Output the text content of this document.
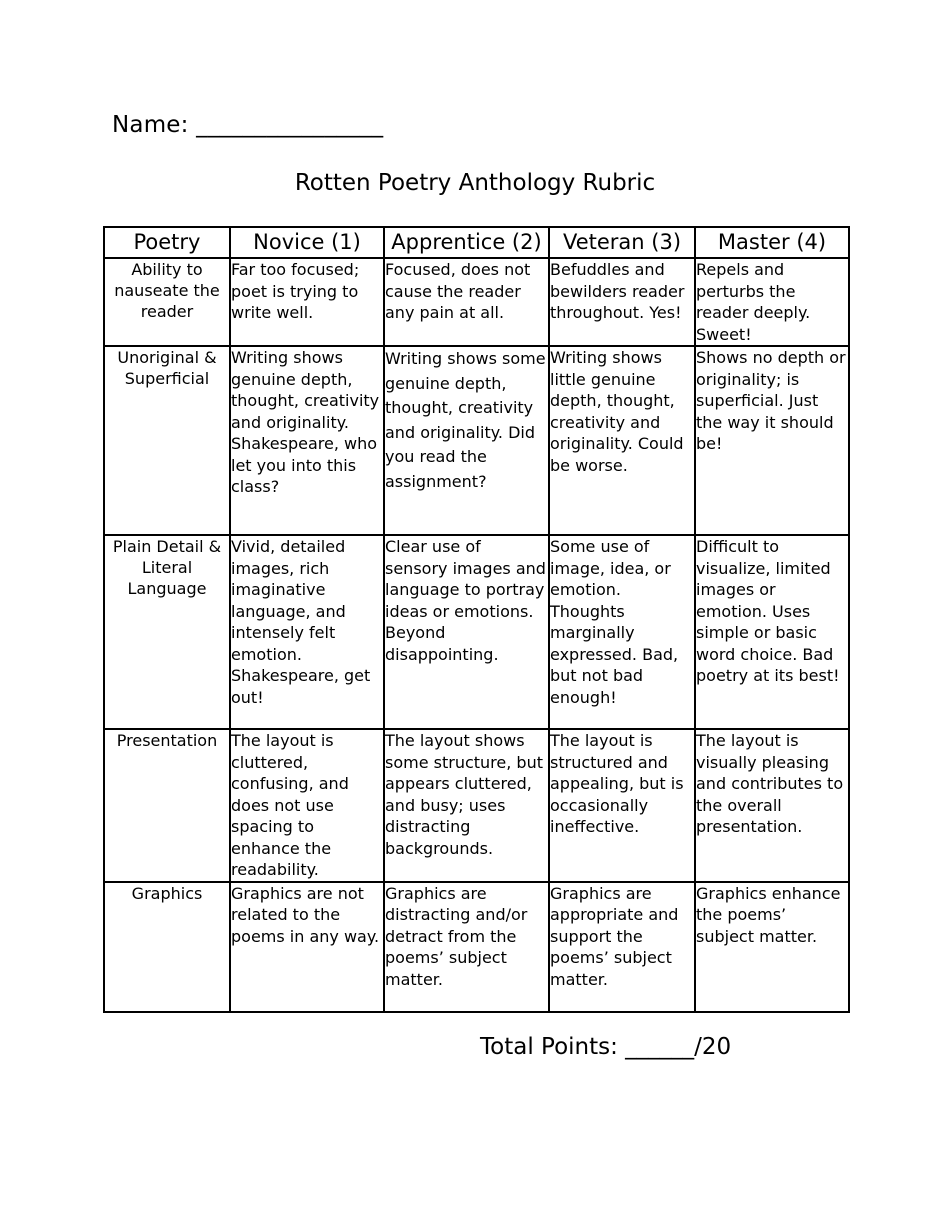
Name: ________________
Rotten Poetry Anthology Rubric
Poetry	Novice (1)	Apprentice (2)	Veteran (3)	Master (4)
Ability to nauseate the reader	Far too focused; poet is trying to write well.	Focused, does not cause the reader any pain at all.	Befuddles and bewilders reader throughout. Yes!	Repels and perturbs the reader deeply. Sweet!
Unoriginal & Superficial	Writing shows genuine depth, thought, creativity and originality. Shakespeare, who let you into this class?	Writing shows some genuine depth, thought, creativity and originality. Did you read the assignment?	Writing shows little genuine depth, thought, creativity and originality. Could be worse.	Shows no depth or originality; is superficial. Just the way it should be!
Plain Detail & Literal Language	Vivid, detailed images, rich imaginative language, and intensely felt emotion. Shakespeare, get out!	Clear use of sensory images and language to portray ideas or emotions. Beyond disappointing.	Some use of image, idea, or emotion. Thoughts marginally expressed. Bad, but not bad enough!	Difficult to visualize, limited images or emotion. Uses simple or basic word choice. Bad poetry at its best!
Presentation	The layout is cluttered, confusing, and does not use spacing to enhance the readability.	The layout shows some structure, but appears cluttered, and busy; uses distracting backgrounds.	The layout is structured and appealing, but is occasionally ineffective.	The layout is visually pleasing and contributes to the overall presentation.
Graphics	Graphics are not related to the poems in any way.	Graphics are distracting and/or detract from the poems’ subject matter.	Graphics are appropriate and support the poems’ subject matter.	Graphics enhance the poems’ subject matter.
Total Points: ______/20
